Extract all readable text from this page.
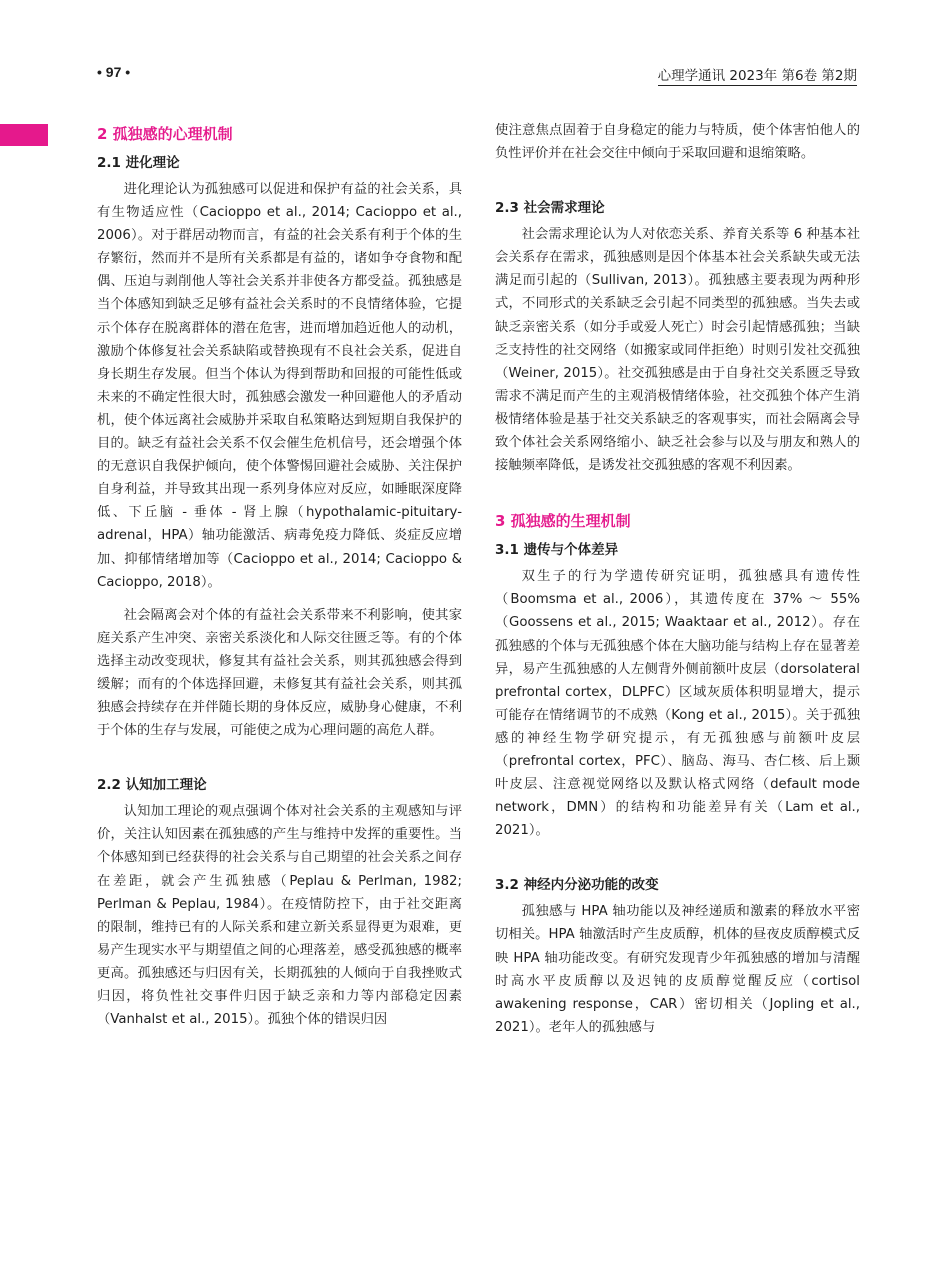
• 97 •	心理学通讯 2023年 第6卷 第2期
2 孤独感的心理机制
2.1 进化理论

进化理论认为孤独感可以促进和保护有益的社会关系，具有生物适应性（Cacioppo et al., 2014; Cacioppo et al., 2006）。对于群居动物而言，有益的社会关系有利于个体的生存繁衍，然而并不是所有关系都是有益的，诸如争夺食物和配偶、压迫与剥削他人等社会关系并非使各方都受益。孤独感是当个体感知到缺乏足够有益社会关系时的不良情绪体验，它提示个体存在脱离群体的潜在危害，进而增加趋近他人的动机，激励个体修复社会关系缺陷或替换现有不良社会关系，促进自身长期生存发展。但当个体认为得到帮助和回报的可能性低或未来的不确定性很大时，孤独感会激发一种回避他人的矛盾动机，使个体远离社会威胁并采取自私策略达到短期自我保护的目的。缺乏有益社会关系不仅会催生危机信号，还会增强个体的无意识自我保护倾向，使个体警惕回避社会威胁、关注保护自身利益，并导致其出现一系列身体应对反应，如睡眠深度降低、下丘脑 - 垂体 - 肾上腺（hypothalamic-pituitary-adrenal，HPA）轴功能激活、病毒免疫力降低、炎症反应增加、抑郁情绪增加等（Cacioppo et al., 2014; Cacioppo & Cacioppo, 2018）。

社会隔离会对个体的有益社会关系带来不利影响，使其家庭关系产生冲突、亲密关系淡化和人际交往匮乏等。有的个体选择主动改变现状，修复其有益社会关系，则其孤独感会得到缓解；而有的个体选择回避，未修复其有益社会关系，则其孤独感会持续存在并伴随长期的身体反应，威胁身心健康，不利于个体的生存与发展，可能使之成为心理问题的高危人群。

2.2 认知加工理论

认知加工理论的观点强调个体对社会关系的主观感知与评价，关注认知因素在孤独感的产生与维持中发挥的重要性。当个体感知到已经获得的社会关系与自己期望的社会关系之间存在差距，就会产生孤独感（Peplau & Perlman, 1982; Perlman & Peplau, 1984）。在疫情防控下，由于社交距离的限制，维持已有的人际关系和建立新关系显得更为艰难，更易产生现实水平与期望值之间的心理落差，感受孤独感的概率更高。孤独感还与归因有关，长期孤独的人倾向于自我挫败式归因，将负性社交事件归因于缺乏亲和力等内部稳定因素（Vanhalst et al., 2015）。孤独个体的错误归因

使注意焦点固着于自身稳定的能力与特质，使个体害怕他人的负性评价并在社会交往中倾向于采取回避和退缩策略。

2.3 社会需求理论

社会需求理论认为人对依恋关系、养育关系等 6 种基本社会关系存在需求，孤独感则是因个体基本社会关系缺失或无法满足而引起的（Sullivan, 2013）。孤独感主要表现为两种形式，不同形式的关系缺乏会引起不同类型的孤独感。当失去或缺乏亲密关系（如分手或爱人死亡）时会引起情感孤独；当缺乏支持性的社交网络（如搬家或同伴拒绝）时则引发社交孤独（Weiner, 2015）。社交孤独感是由于自身社交关系匮乏导致需求不满足而产生的主观消极情绪体验，社交孤独个体产生消极情绪体验是基于社交关系缺乏的客观事实，而社会隔离会导致个体社会关系网络缩小、缺乏社会参与以及与朋友和熟人的接触频率降低，是诱发社交孤独感的客观不利因素。

3 孤独感的生理机制
3.1 遗传与个体差异

双生子的行为学遗传研究证明，孤独感具有遗传性（Boomsma et al., 2006），其遗传度在 37% ～ 55%（Goossens et al., 2015; Waaktaar et al., 2012）。存在孤独感的个体与无孤独感个体在大脑功能与结构上存在显著差异，易产生孤独感的人左侧背外侧前额叶皮层（dorsolateral prefrontal cortex，DLPFC）区域灰质体积明显增大，提示可能存在情绪调节的不成熟（Kong et al., 2015）。关于孤独感的神经生物学研究提示，有无孤独感与前额叶皮层（prefrontal cortex，PFC）、脑岛、海马、杏仁核、后上颞叶皮层、注意视觉网络以及默认格式网络（default mode network，DMN）的结构和功能差异有关（Lam et al., 2021）。

3.2 神经内分泌功能的改变

孤独感与 HPA 轴功能以及神经递质和激素的释放水平密切相关。HPA 轴激活时产生皮质醇，机体的昼夜皮质醇模式反映 HPA 轴功能改变。有研究发现青少年孤独感的增加与清醒时高水平皮质醇以及迟钝的皮质醇觉醒反应（cortisol awakening response，CAR）密切相关（Jopling et al., 2021）。老年人的孤独感与
